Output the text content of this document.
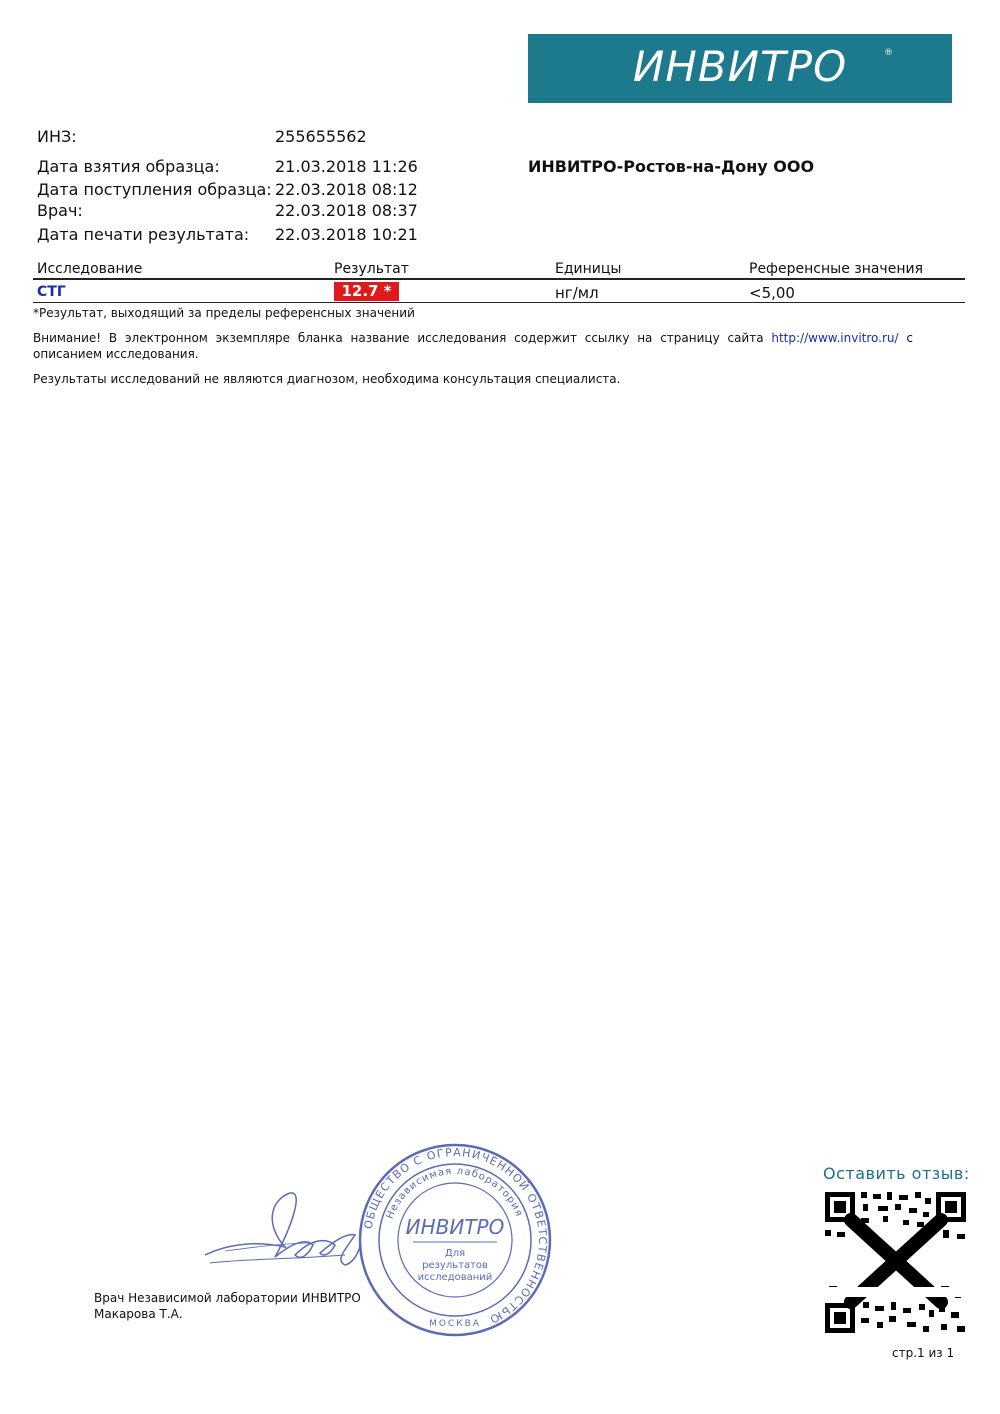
ИНВИТРО	®
ИНЗ:	255655562
Дата взятия образца:	21.03.2018 11:26
Дата поступления образца: 22.03.2018 08:12
Врач:	22.03.2018 08:37
Дата печати результата: 22.03.2018 10:21
ИНВИТРО-Ростов-на-Дону ООО
Исследование	Результат	Единицы	Референсные значения
СТГ	12.7 *	нг/мл	<5,00
*Результат, выходящий за пределы референсных значений
Внимание! В электронном экземпляре бланка название исследования содержит ссылку на страницу сайта http://www.invitro.ru/ с
описанием исследования.
Результаты исследований не являются диагнозом, необходима консультация специалиста.
ОБЩЕСТВО С ОГРАНИЧЕННОЙ ОТВЕТСТВЕННОСТЬЮ
Независимая лаборатория
ИНВИТРО
Для
результатов
исследований
МОСКВА
Врач Независимой лаборатории ИНВИТРО
Макарова Т.А.
Оставить отзыв:
стр.1 из 1
